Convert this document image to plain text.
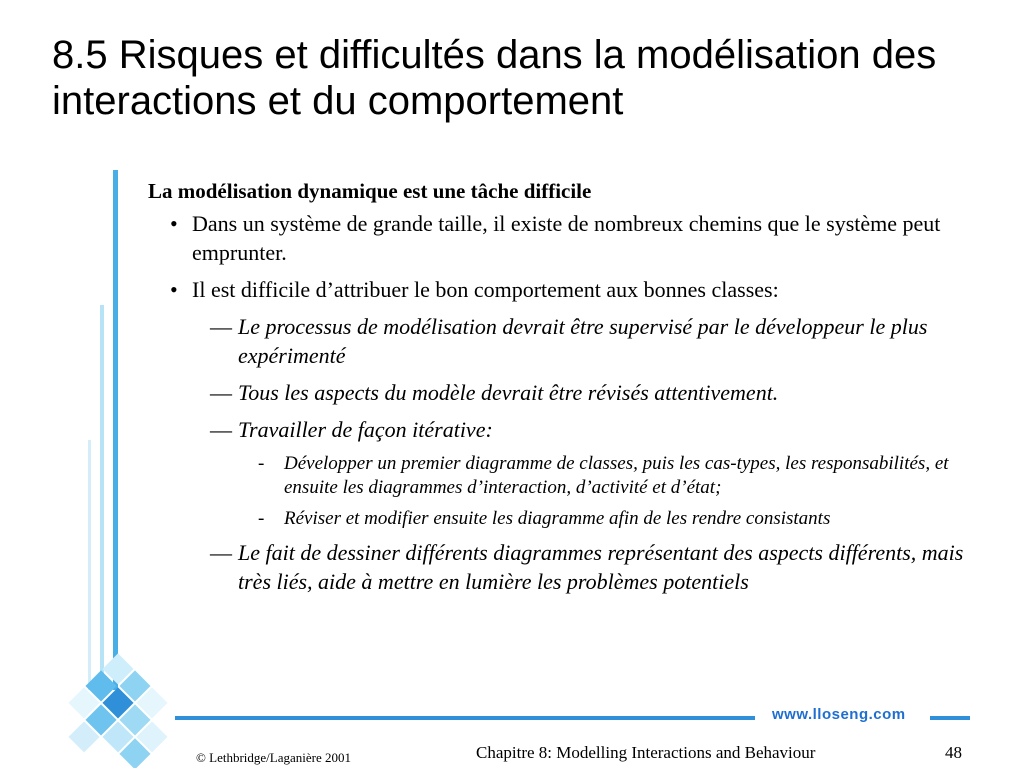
8.5 Risques et difficultés dans la modélisation des interactions et du comportement
La modélisation dynamique est une tâche difficile
• Dans un système de grande taille, il existe de nombreux chemins que le système peut emprunter.
• Il est difficile d’attribuer le bon comportement aux bonnes classes:
— Le processus de modélisation devrait être supervisé par le développeur le plus expérimenté
— Tous les aspects du modèle devrait être révisés attentivement.
— Travailler de façon itérative:
- Développer un premier diagramme de classes, puis les cas-types, les responsabilités, et ensuite les diagrammes d’interaction, d’activité et d’état;
- Réviser et modifier ensuite les diagramme afin de les rendre consistants
— Le fait de dessiner différents diagrammes représentant des aspects différents, mais très liés, aide à mettre en lumière les problèmes potentiels
www.lloseng.com
© Lethbridge/Laganière 2001	Chapitre 8: Modelling Interactions and Behaviour	48
